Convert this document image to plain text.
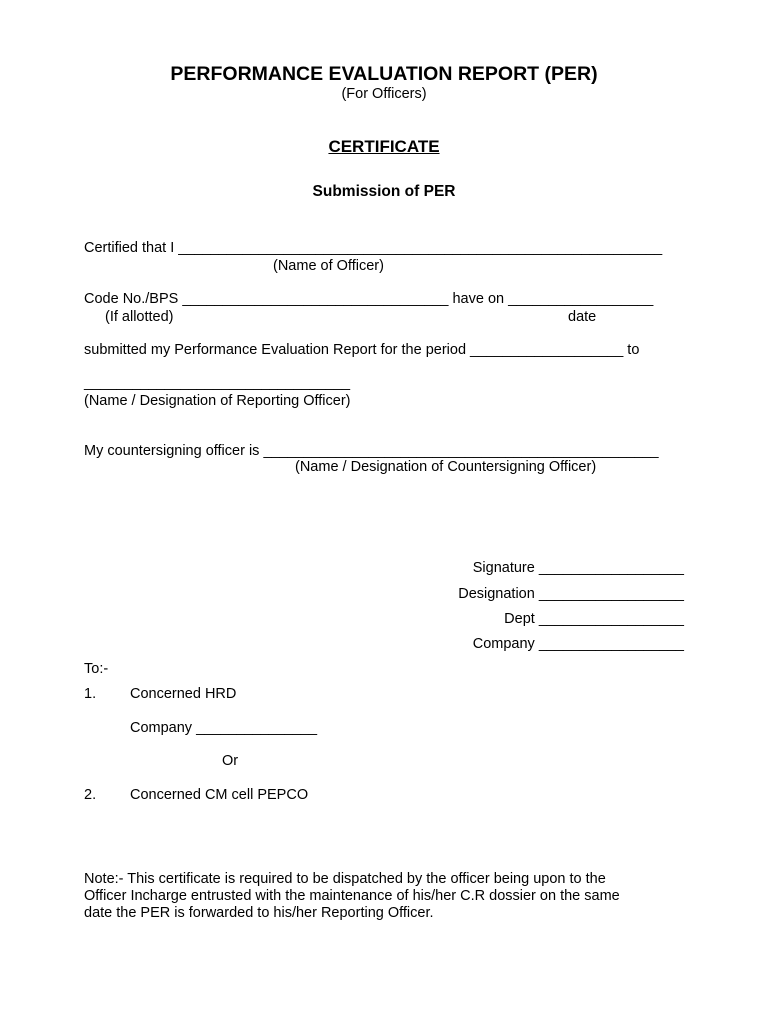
PERFORMANCE EVALUATION REPORT (PER)
(For Officers)
CERTIFICATE
Submission of PER
Certified that I ____________________________________________________________
(Name of Officer)
Code No./BPS _________________________________ have on __________________
(If allotted)	date
submitted my Performance Evaluation Report for the period ___________________ to
_________________________________
(Name / Designation of Reporting Officer)
My countersigning officer is _________________________________________________
(Name / Designation of Countersigning Officer)
Signature __________________
Designation __________________
Dept __________________
Company __________________
To:-
1. Concerned HRD
Company _______________
Or
2. Concerned CM cell PEPCO
Note:- This certificate is required to be dispatched by the officer being upon to the
Officer Incharge entrusted with the maintenance of his/her C.R dossier on the same
date the PER is forwarded to his/her Reporting Officer.
